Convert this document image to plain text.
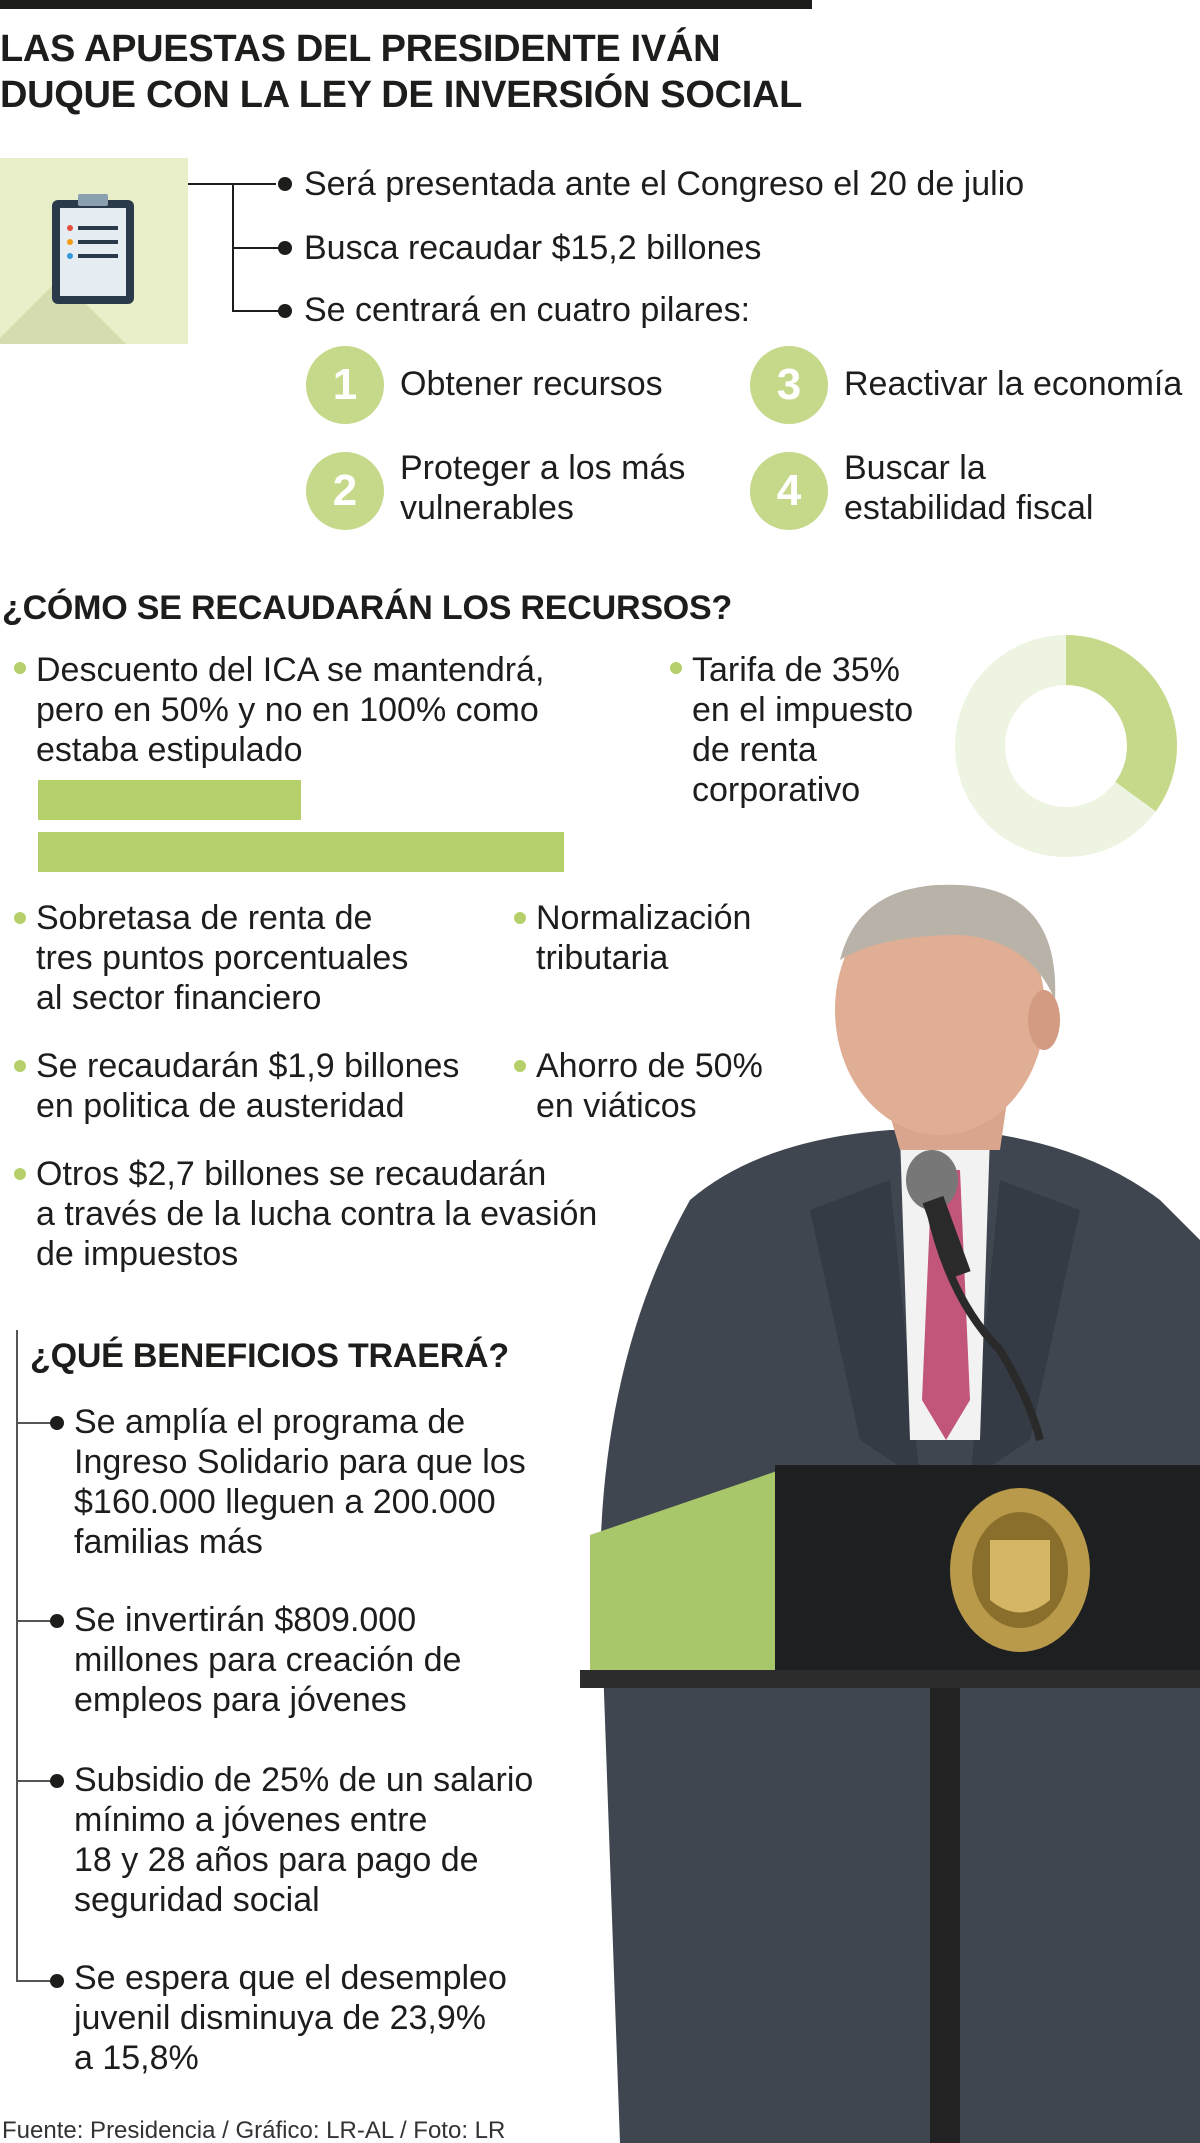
LAS APUESTAS DEL PRESIDENTE IVÁN
DUQUE CON LA LEY DE INVERSIÓN SOCIAL
Será presentada ante el Congreso el 20 de julio
Busca recaudar $15,2 billones
Se centrará en cuatro pilares:
1	Obtener recursos
2	Proteger a los más
vulnerables
3	Reactivar la economía
4	Buscar la
estabilidad fiscal
¿CÓMO SE RECAUDARÁN LOS RECURSOS?
Descuento del ICA se mantendrá,
pero en 50% y no en 100% como
estaba estipulado
Tarifa de 35%
en el impuesto
de renta
corporativo
Sobretasa de renta de
tres puntos porcentuales
al sector financiero
Normalización
tributaria
Se recaudarán $1,9 billones
en politica de austeridad
Ahorro de 50%
en viáticos
Otros $2,7 billones se recaudarán
a través de la lucha contra la evasión
de impuestos
¿QUÉ BENEFICIOS TRAERÁ?
Se amplía el programa de
Ingreso Solidario para que los
$160.000 lleguen a 200.000
familias más
Se invertirán $809.000
millones para creación de
empleos para jóvenes
Subsidio de 25% de un salario
mínimo a jóvenes entre
18 y 28 años para pago de
seguridad social
Se espera que el desempleo
juvenil disminuya de 23,9%
a 15,8%
Fuente: Presidencia / Gráfico: LR-AL / Foto: LR
